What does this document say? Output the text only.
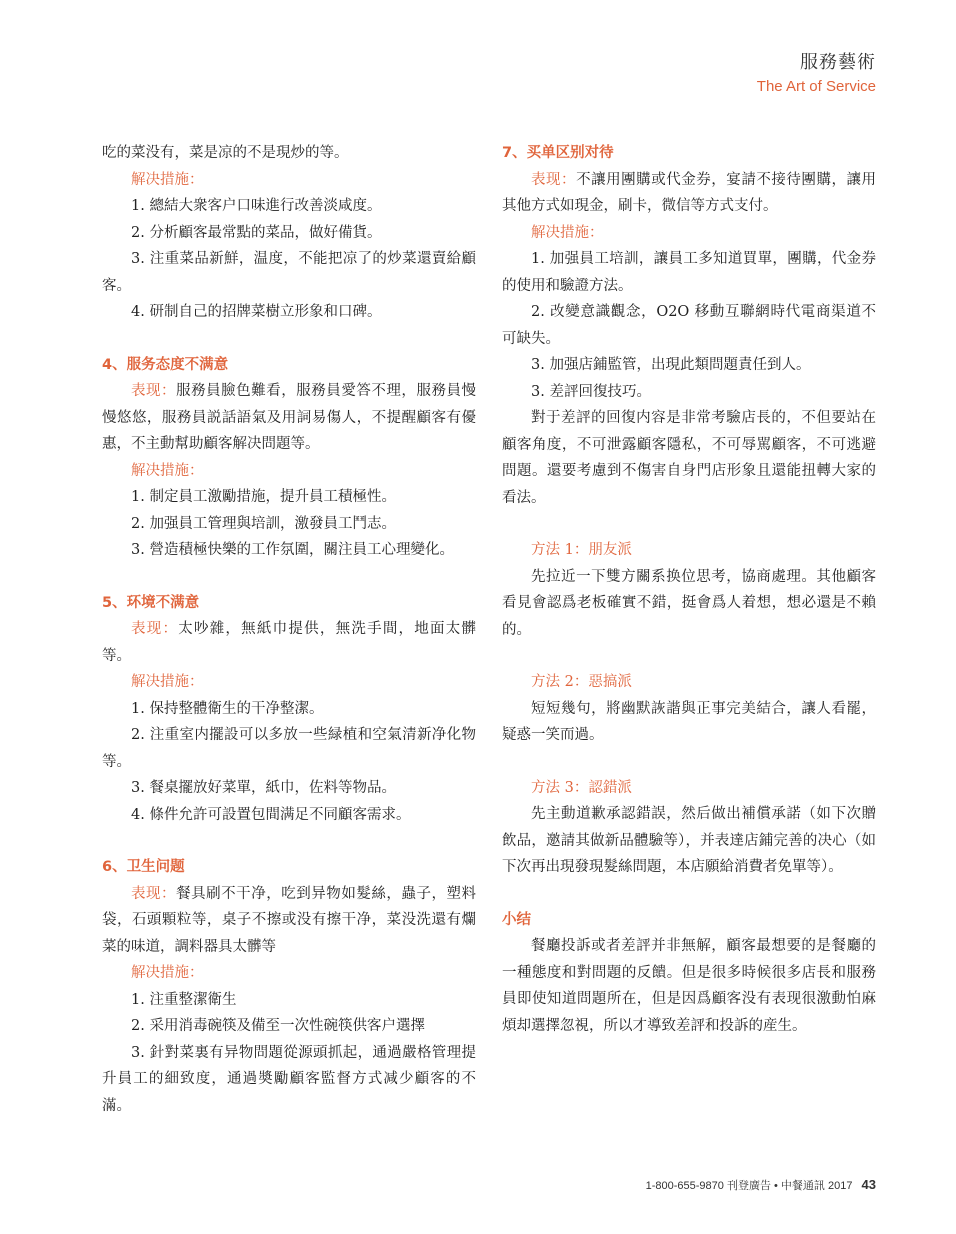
服務藝術
The Art of Service

吃的菜没有，菜是凉的不是現炒的等。

解决措施：

1. 總結大衆客户口味進行改善淡咸度。

2. 分析顧客最常點的菜品，做好備貨。

3. 注重菜品新鮮，温度，不能把凉了的炒菜還賣給顧客。

4. 研制自己的招牌菜樹立形象和口碑。

4、服务态度不满意

表现：服務員臉色難看，服務員愛答不理，服務員慢慢悠悠，服務員説話語氣及用詞易傷人，不提醒顧客有優惠，不主動幫助顧客解决問題等。

解决措施：

1. 制定員工激勵措施，提升員工積極性。

2. 加强員工管理與培訓，激發員工鬥志。

3. 營造積極快樂的工作氛圍，關注員工心理變化。

5、环境不满意

表现：太吵雜，無紙巾提供，無洗手間，地面太髒等。

解决措施：

1. 保持整體衛生的干净整潔。

2. 注重室内擺設可以多放一些緑植和空氣清新净化物等。

3. 餐桌擺放好菜單，紙巾，佐料等物品。

4. 條件允許可設置包間满足不同顧客需求。

6、卫生问题

表现：餐具刷不干净，吃到异物如髮絲，蟲子，塑料袋，石頭顆粒等，桌子不擦或没有擦干净，菜没洗還有爛菜的味道，調料器具太髒等

解决措施：

1. 注重整潔衛生

2. 采用消毒碗筷及備至一次性碗筷供客户選擇

3. 針對菜裏有异物問題從源頭抓起，通過嚴格管理提升員工的細致度，通過奬勵顧客監督方式减少顧客的不滿。

7、买单区别对待

表现：不讓用團購或代金券，宴請不接待團購，讓用其他方式如現金，刷卡，微信等方式支付。

解决措施：

1. 加强員工培訓，讓員工多知道買單，團購，代金券的使用和驗證方法。

2. 改變意識觀念，O2O 移動互聯網時代電商渠道不可缺失。

3. 加强店鋪監管，出現此類問題責任到人。

3. 差評回復技巧。

對于差評的回復内容是非常考驗店長的，不但要站在顧客角度，不可泄露顧客隱私，不可辱駡顧客，不可逃避問題。還要考慮到不傷害自身門店形象且還能扭轉大家的看法。

方法 1：朋友派

先拉近一下雙方關系换位思考，協商處理。其他顧客看見會認爲老板確實不錯，挺會爲人着想，想必還是不賴的。

方法 2：惡搞派

短短幾句，將幽默詼諧與正事完美結合，讓人看罷，疑惑一笑而過。

方法 3：認錯派

先主動道歉承認錯誤，然后做出補償承諾（如下次贈飲品，邀請其做新品體驗等），并表達店鋪完善的决心（如下次再出現發現髮絲問題，本店願給消費者免單等）。

小结

餐廳投訴或者差評并非無解，顧客最想要的是餐廳的一種態度和對問題的反饋。但是很多時候很多店長和服務員即使知道問題所在，但是因爲顧客没有表现很激動怕麻煩却選擇忽視，所以才導致差評和投訴的産生。

1-800-655-9870 刊登廣告 • 中餐通訊 2017 43
